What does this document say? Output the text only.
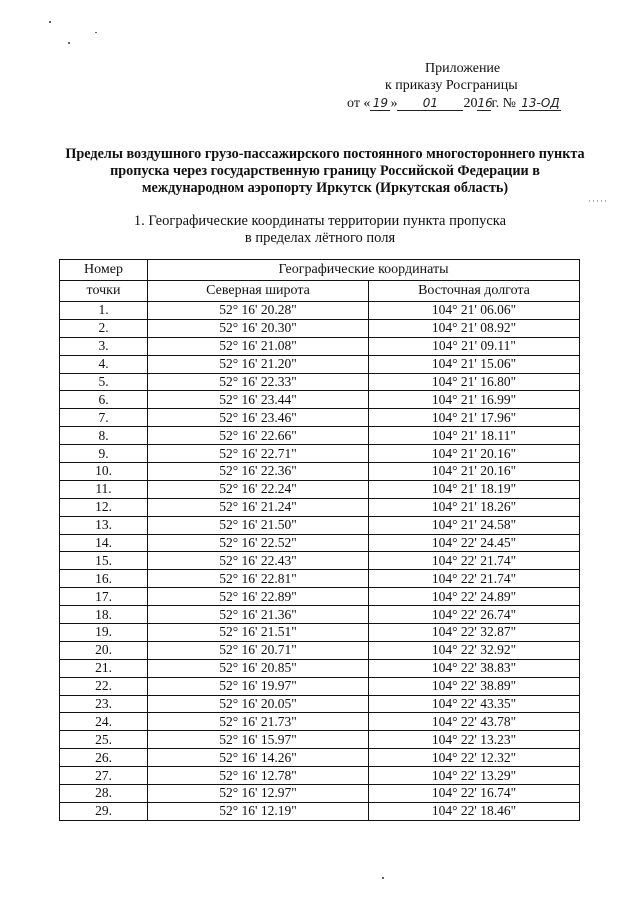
·····
Приложение
к приказу Росграницы
от « 19 » 01 2016г. № 13-ОД
Пределы воздушного грузо-пассажирского постоянного многостороннего пункта пропуска через государственную границу Российской Федерации в международном аэропорту Иркутск (Иркутская область)
1. Географические координаты территории пункта пропуска
в пределах лётного поля
Номер	Географические координаты	
точки	Северная широта	Восточная долгота
1.	52° 16' 20.28"	104° 21' 06.06"
2.	52° 16' 20.30"	104° 21' 08.92"
3.	52° 16' 21.08"	104° 21' 09.11"
4.	52° 16' 21.20"	104° 21' 15.06"
5.	52° 16' 22.33"	104° 21' 16.80"
6.	52° 16' 23.44"	104° 21' 16.99"
7.	52° 16' 23.46"	104° 21' 17.96"
8.	52° 16' 22.66"	104° 21' 18.11"
9.	52° 16' 22.71"	104° 21' 20.16"
10.	52° 16' 22.36"	104° 21' 20.16"
11.	52° 16' 22.24"	104° 21' 18.19"
12.	52° 16' 21.24"	104° 21' 18.26"
13.	52° 16' 21.50"	104° 21' 24.58"
14.	52° 16' 22.52"	104° 22' 24.45"
15.	52° 16' 22.43"	104° 22' 21.74"
16.	52° 16' 22.81"	104° 22' 21.74"
17.	52° 16' 22.89"	104° 22' 24.89"
18.	52° 16' 21.36"	104° 22' 26.74"
19.	52° 16' 21.51"	104° 22' 32.87"
20.	52° 16' 20.71"	104° 22' 32.92"
21.	52° 16' 20.85"	104° 22' 38.83"
22.	52° 16' 19.97"	104° 22' 38.89"
23.	52° 16' 20.05"	104° 22' 43.35"
24.	52° 16' 21.73"	104° 22' 43.78"
25.	52° 16' 15.97"	104° 22' 13.23"
26.	52° 16' 14.26"	104° 22' 12.32"
27.	52° 16' 12.78"	104° 22' 13.29"
28.	52° 16' 12.97"	104° 22' 16.74"
29.	52° 16' 12.19"	104° 22' 18.46"
